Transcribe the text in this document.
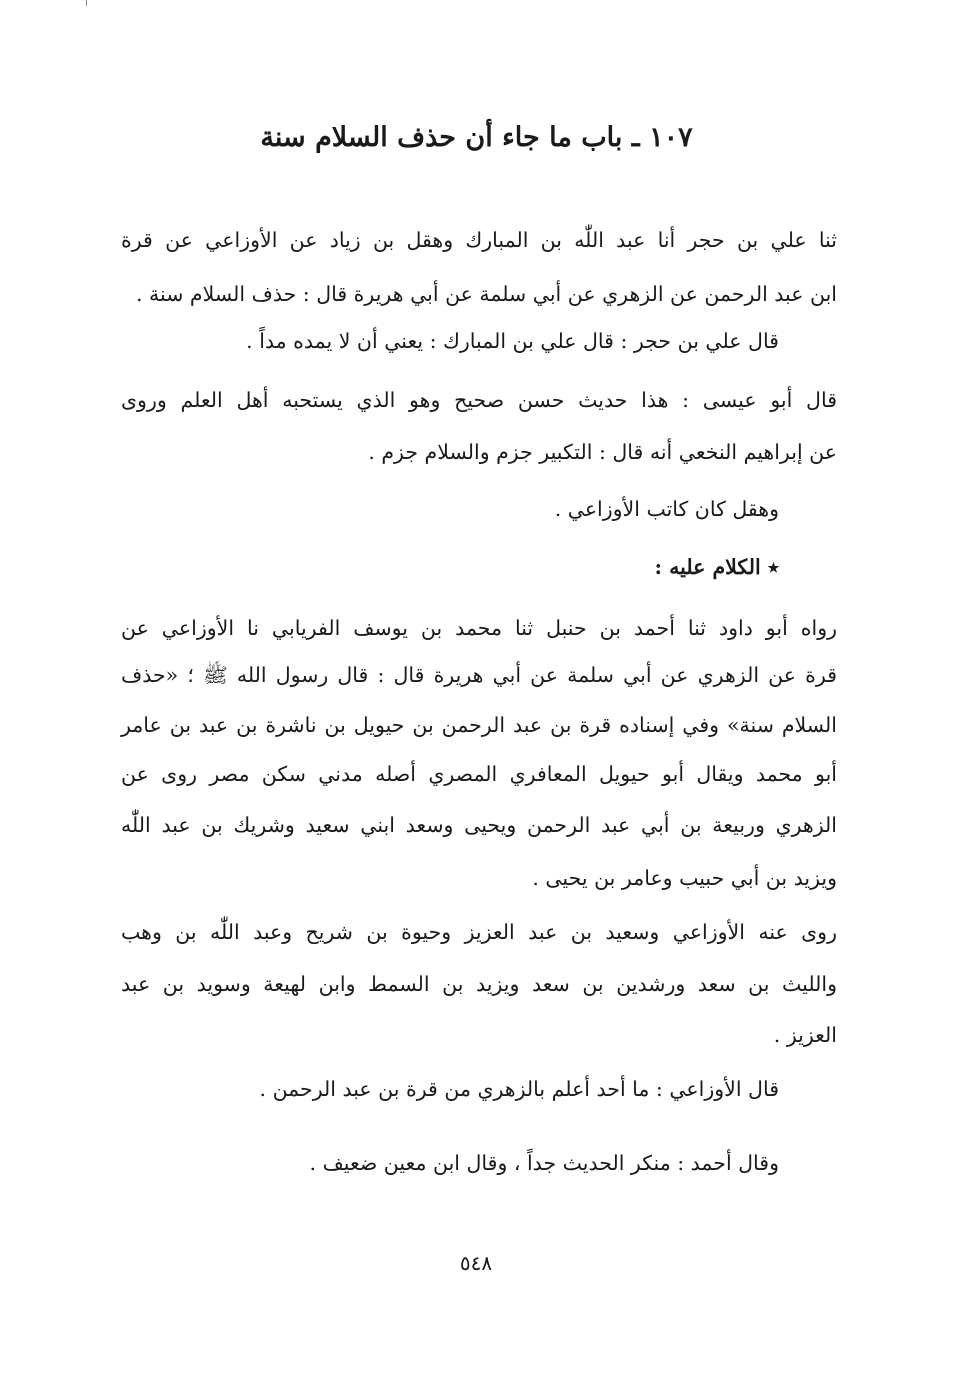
١٠٧ ـ باب ما جاء أن حذف السلام سنة
ثنا علي بن حجر أنا عبد اللّٰه بن المبارك وهقل بن زياد عن الأوزاعي عن قرة
ابن عبد الرحمن عن الزهري عن أبي سلمة عن أبي هريرة قال : حذف السلام سنة .
قال علي بن حجر : قال علي بن المبارك : يعني أن لا يمده مداً .
قال أبو عيسى : هذا حديث حسن صحيح وهو الذي يستحبه أهل العلم وروى
عن إبراهيم النخعي أنه قال : التكبير جزم والسلام جزم .
وهقل كان كاتب الأوزاعي .
٭ الكلام عليه :
رواه أبو داود ثنا أحمد بن حنبل ثنا محمد بن يوسف الفريابي نا الأوزاعي عن
قرة عن الزهري عن أبي سلمة عن أبي هريرة قال : قال رسول الله ﷺ ؛ «حذف
السلام سنة» وفي إسناده قرة بن عبد الرحمن بن حيويل بن ناشرة بن عبد بن عامر
أبو محمد ويقال أبو حيويل المعافري المصري أصله مدني سكن مصر روى عن
الزهري وربيعة بن أبي عبد الرحمن ويحيى وسعد ابني سعيد وشريك بن عبد اللّٰه
ويزيد بن أبي حبيب وعامر بن يحيى .
روى عنه الأوزاعي وسعيد بن عبد العزيز وحيوة بن شريح وعبد اللّٰه بن وهب
والليث بن سعد ورشدين بن سعد ويزيد بن السمط وابن لهيعة وسويد بن عبد
العزيز .
قال الأوزاعي : ما أحد أعلم بالزهري من قرة بن عبد الرحمن .
وقال أحمد : منكر الحديث جداً ، وقال ابن معين ضعيف .
٥٤٨
